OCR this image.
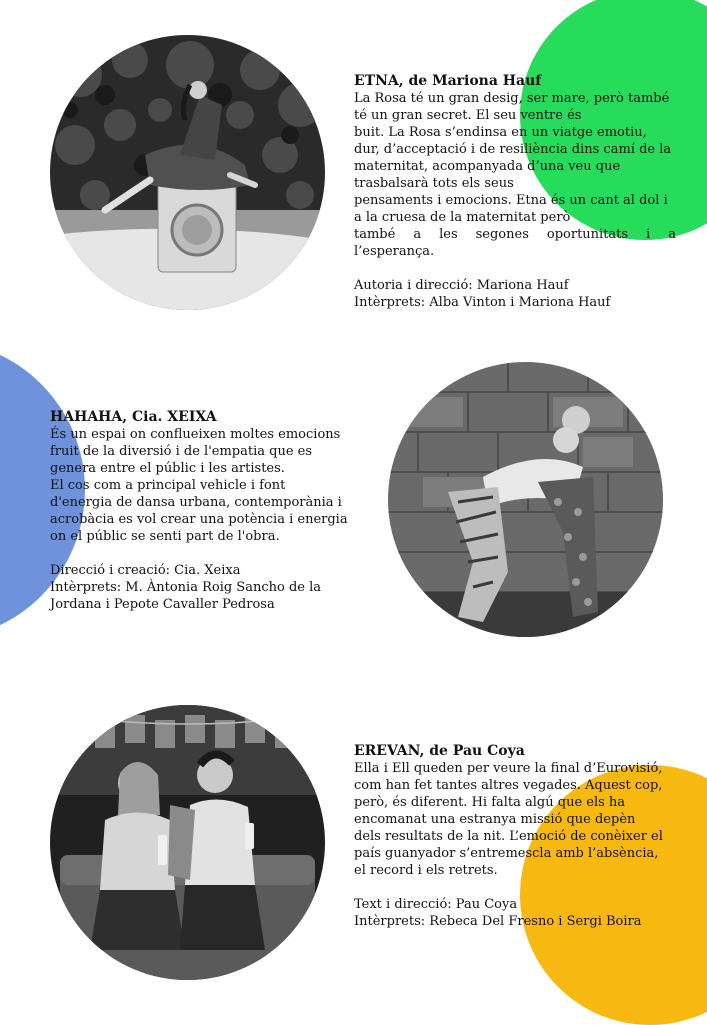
ETNA, de Mariona Hauf

La Rosa té un gran desig, ser mare, però també

té un gran secret. El seu ventre és

buit. La Rosa s’endinsa en un viatge emotiu,

dur, d’acceptació i de resiliència dins camí de la

maternitat, acompanyada d’una veu que

trasbalsarà tots els seus

pensaments i emocions. Etna és un cant al dol i

a la cruesa de la maternitat però

també a les segones oportunitats i a l’esperança.

Autoria i direcció: Mariona Hauf

Intèrprets: Alba Vinton i Mariona Hauf

HAHAHA, Cia. XEIXA

És un espai on conflueixen moltes emocions

fruit de la diversió i de l'empatia que es

genera entre el públic i les artistes.

El cos com a principal vehicle i font

d'energia de dansa urbana, contemporània i

acrobàcia es vol crear una potència i energia

on el públic se senti part de l'obra.

Direcció i creació: Cia. Xeixa

Intèrprets: M. Àntonia Roig Sancho de la

Jordana i Pepote Cavaller Pedrosa

EREVAN, de Pau Coya

Ella i Ell queden per veure la final d’Eurovisió,

com han fet tantes altres vegades. Aquest cop,

però, és diferent. Hi falta algú que els ha

encomanat una estranya missió que depèn

dels resultats de la nit. L’emoció de conèixer el

país guanyador s’entremescla amb l’absència,

el record i els retrets.

Text i direcció: Pau Coya

Intèrprets: Rebeca Del Fresno i Sergi Boira
